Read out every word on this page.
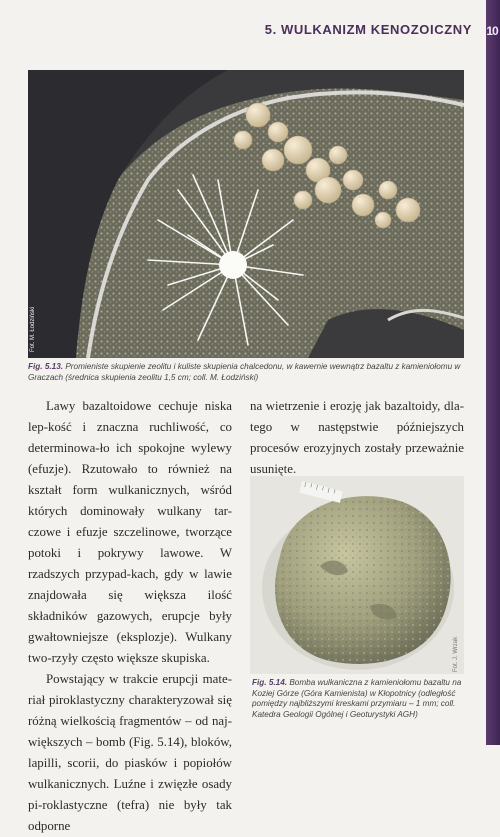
10
5. WULKANIZM KENOZOICZNY
Fot. M. Łodziński
Fig. 5.13. Promieniste skupienie zeolitu i kuliste skupienia chalcedonu, w kawernie wewnątrz bazaltu z kamieniołomu w Graczach (średnica skupienia zeolitu 1,5 cm; coll. M. Łodziński)

Lawy bazaltoidowe cechuje niska lep-kość i znaczna ruchliwość, co determinowa-ło ich spokojne wylewy (efuzje). Rzutowało to również na kształt form wulkanicznych, wśród których dominowały wulkany tar-czowe i efuzje szczelinowe, tworzące potoki i pokrywy lawowe. W rzadszych przypad-kach, gdy w lawie znajdowała się większa ilość składników gazowych, erupcje były gwałtowniejsze (eksplozje). Wulkany two-rzyły często większe skupiska.

Powstający w trakcie erupcji mate-riał piroklastyczny charakteryzował się różną wielkością fragmentów – od naj-większych – bomb (Fig. 5.14), bloków, lapilli, scorii, do piasków i popiołów wulkanicznych. Luźne i zwięzłe osady pi-roklastyczne (tefra) nie były tak odporne

na wietrzenie i erozję jak bazaltoidy, dla-tego w następstwie późniejszych procesów erozyjnych zostały przeważnie usunięte.

Fot. J. Wrzak
Fig. 5.14. Bomba wulkaniczna z kamieniołomu bazaltu na Koziej Górze (Góra Kamienista) w Kłopotnicy (odległość pomiędzy najbliższymi kreskami przymiaru – 1 mm; coll. Katedra Geologii Ogólnej i Geoturystyki AGH)
